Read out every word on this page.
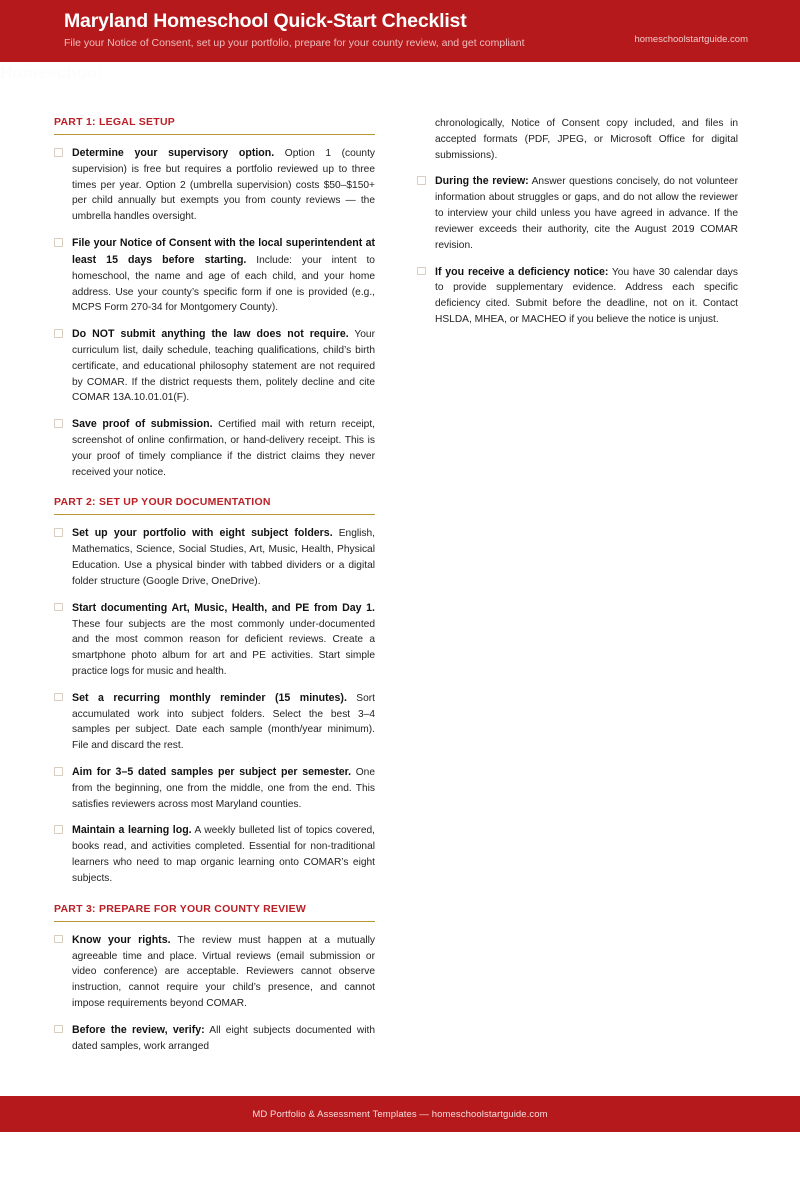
Maryland Homeschool Quick-Start Checklist
File your Notice of Consent, set up your portfolio, prepare for your county review, and get compliant	homeschoolstartguide.com
Homeschool
PART 1: LEGAL SETUP
Determine your supervisory option. Option 1 (county supervision) is free but requires a portfolio reviewed up to three times per year. Option 2 (umbrella supervision) costs $50–$150+ per child annually but exempts you from county reviews — the umbrella handles oversight.
File your Notice of Consent with the local superintendent at least 15 days before starting. Include: your intent to homeschool, the name and age of each child, and your home address. Use your county’s specific form if one is provided (e.g., MCPS Form 270-34 for Montgomery County).
Do NOT submit anything the law does not require. Your curriculum list, daily schedule, teaching qualifications, child’s birth certificate, and educational philosophy statement are not required by COMAR. If the district requests them, politely decline and cite COMAR 13A.10.01.01(F).
Save proof of submission. Certified mail with return receipt, screenshot of online confirmation, or hand-delivery receipt. This is your proof of timely compliance if the district claims they never received your notice.
PART 2: SET UP YOUR DOCUMENTATION
Set up your portfolio with eight subject folders. English, Mathematics, Science, Social Studies, Art, Music, Health, Physical Education. Use a physical binder with tabbed dividers or a digital folder structure (Google Drive, OneDrive).
Start documenting Art, Music, Health, and PE from Day 1. These four subjects are the most commonly under-documented and the most common reason for deficient reviews. Create a smartphone photo album for art and PE activities. Start simple practice logs for music and health.
Set a recurring monthly reminder (15 minutes). Sort accumulated work into subject folders. Select the best 3–4 samples per subject. Date each sample (month/year minimum). File and discard the rest.
Aim for 3–5 dated samples per subject per semester. One from the beginning, one from the middle, one from the end. This satisfies reviewers across most Maryland counties.
Maintain a learning log. A weekly bulleted list of topics covered, books read, and activities completed. Essential for non-traditional learners who need to map organic learning onto COMAR’s eight subjects.
PART 3: PREPARE FOR YOUR COUNTY REVIEW
Know your rights. The review must happen at a mutually agreeable time and place. Virtual reviews (email submission or video conference) are acceptable. Reviewers cannot observe instruction, cannot require your child’s presence, and cannot impose requirements beyond COMAR.
Before the review, verify: All eight subjects documented with dated samples, work arranged
chronologically, Notice of Consent copy included, and files in accepted formats (PDF, JPEG, or Microsoft Office for digital submissions).
During the review: Answer questions concisely, do not volunteer information about struggles or gaps, and do not allow the reviewer to interview your child unless you have agreed in advance. If the reviewer exceeds their authority, cite the August 2019 COMAR revision.
If you receive a deficiency notice: You have 30 calendar days to provide supplementary evidence. Address each specific deficiency cited. Submit before the deadline, not on it. Contact HSLDA, MHEA, or MACHEO if you believe the notice is unjust.
MD Portfolio & Assessment Templates — homeschoolstartguide.com
